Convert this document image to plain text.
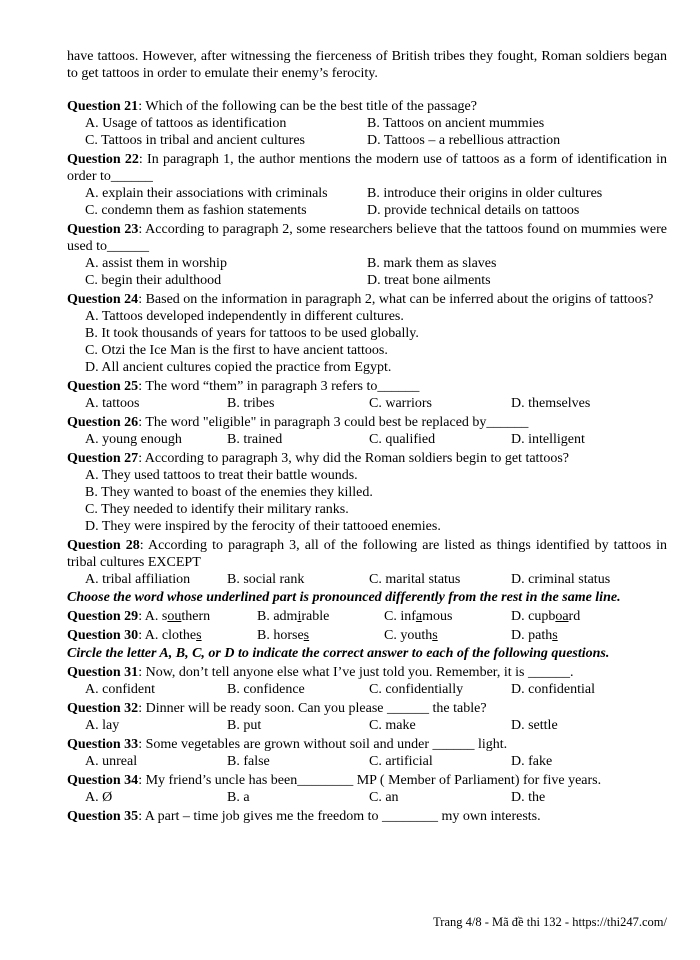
have tattoos. However, after witnessing the fierceness of British tribes they fought, Roman soldiers began to get tattoos in order to emulate their enemy’s ferocity.

Question 21: Which of the following can be the best title of the passage?
A. Usage of tattoos as identification	B. Tattoos on ancient mummies
C. Tattoos in tribal and ancient cultures	D. Tattoos – a rebellious attraction
Question 22: In paragraph 1, the author mentions the modern use of tattoos as a form of identification in order to______
A. explain their associations with criminals	B. introduce their origins in older cultures
C. condemn them as fashion statements	D. provide technical details on tattoos
Question 23: According to paragraph 2, some researchers believe that the tattoos found on mummies were used to______
A. assist them in worship	B. mark them as slaves
C. begin their adulthood	D. treat bone ailments
Question 24: Based on the information in paragraph 2, what can be inferred about the origins of tattoos?
A. Tattoos developed independently in different cultures.
B. It took thousands of years for tattoos to be used globally.
C. Otzi the Ice Man is the first to have ancient tattoos.
D. All ancient cultures copied the practice from Egypt.
Question 25: The word “them” in paragraph 3 refers to______
A. tattoos	B. tribes	C. warriors	D. themselves
Question 26: The word "eligible" in paragraph 3 could best be replaced by______
A. young enough	B. trained	C. qualified	D. intelligent
Question 27: According to paragraph 3, why did the Roman soldiers begin to get tattoos?
A. They used tattoos to treat their battle wounds.
B. They wanted to boast of the enemies they killed.
C. They needed to identify their military ranks.
D. They were inspired by the ferocity of their tattooed enemies.
Question 28: According to paragraph 3, all of the following are listed as things identified by tattoos in tribal cultures EXCEPT
A. tribal affiliation	B. social rank	C. marital status	D. criminal status
Choose the word whose underlined part is pronounced differently from the rest in the same line.
Question 29: A. southern	B. admirable	C. infamous	D. cupboard
Question 30: A. clothes	B. horses	C. youths	D. paths
Circle the letter A, B, C, or D to indicate the correct answer to each of the following questions.
Question 31: Now, don’t tell anyone else what I’ve just told you. Remember, it is ______.
A. confident	B. confidence	C. confidentially	D. confidential
Question 32: Dinner will be ready soon. Can you please ______ the table?
A. lay	B. put	C. make	D. settle
Question 33: Some vegetables are grown without soil and under ______ light.
A. unreal	B. false	C. artificial	D. fake
Question 34: My friend’s uncle has been________ MP ( Member of Parliament) for five years.
A. Ø	B. a	C. an	D. the
Question 35: A part – time job gives me the freedom to ________ my own interests.
Trang 4/8 - Mã đề thi 132 - https://thi247.com/
